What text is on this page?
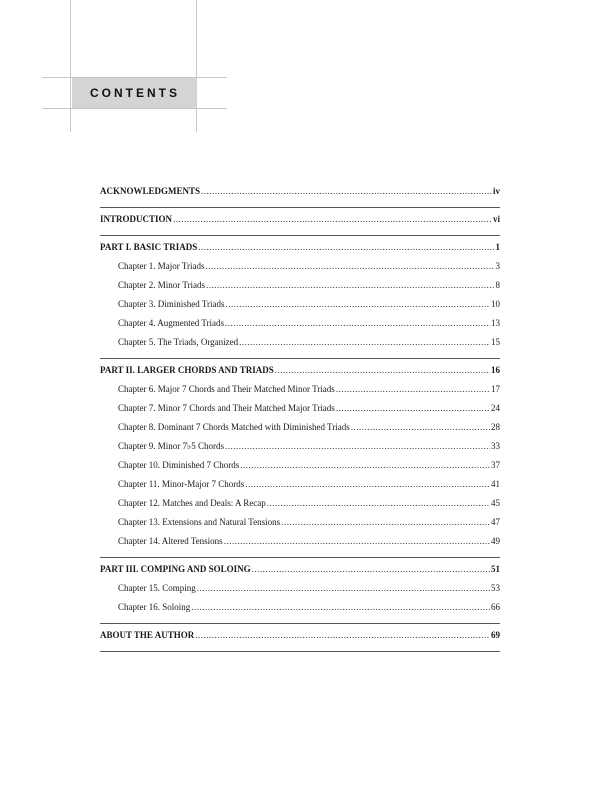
CONTENTS
ACKNOWLEDGMENTS .....	iv
INTRODUCTION .....	vi
PART I. BASIC TRIADS .....	1
Chapter 1. Major Triads .....	3
Chapter 2. Minor Triads .....	8
Chapter 3. Diminished Triads .....	10
Chapter 4. Augmented Triads .....	13
Chapter 5. The Triads, Organized .....	15
PART II. LARGER CHORDS AND TRIADS .....	16
Chapter 6. Major 7 Chords and Their Matched Minor Triads .....	17
Chapter 7. Minor 7 Chords and Their Matched Major Triads .....	24
Chapter 8. Dominant 7 Chords Matched with Diminished Triads .....	28
Chapter 9. Minor 7♭5 Chords .....	33
Chapter 10. Diminished 7 Chords .....	37
Chapter 11. Minor-Major 7 Chords .....	41
Chapter 12. Matches and Deals: A Recap .....	45
Chapter 13. Extensions and Natural Tensions .....	47
Chapter 14. Altered Tensions .....	49
PART III. COMPING AND SOLOING .....	51
Chapter 15. Comping .....	53
Chapter 16. Soloing .....	66
ABOUT THE AUTHOR .....	69
